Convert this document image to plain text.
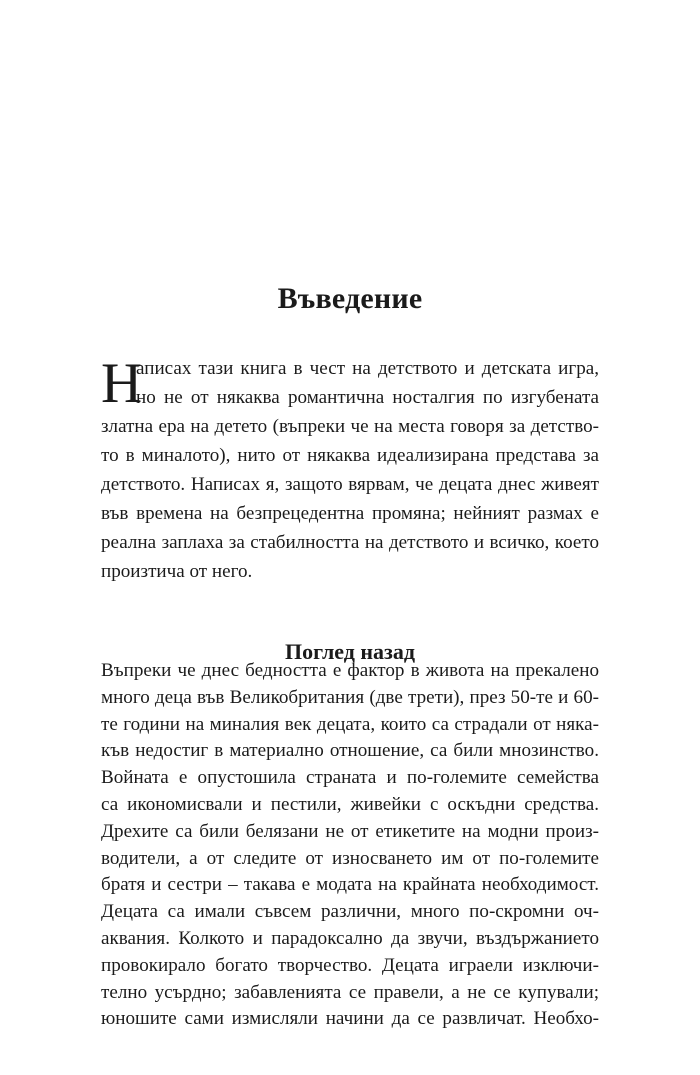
Въведение
Н
аписах тази книга в чест на детството и детската игра,
но не от някаква романтична носталгия по изгубената
златна ера на детето (въпреки че на места говоря за детство-
то в миналото), нито от някаква идеализирана представа за
детството. Написах я, защото вярвам, че децата днес живеят
във времена на безпрецедентна промяна; нейният размах е
реална заплаха за стабилността на детството и всичко, което
произтича от него.
Поглед назад
Въпреки че днес бедността е фактор в живота на прекалено
много деца във Великобритания (две трети), през 50-те и 60-
те години на миналия век децата, които са страдали от няка-
къв недостиг в материално отношение, са били мнозинство.
Войната е опустошила страната и по-големите семейства
са икономисвали и пестили, живейки с оскъдни средства.
Дрехите са били белязани не от етикетите на модни произ-
водители, а от следите от износването им от по-големите
братя и сестри – такава е модата на крайната необходимост.
Децата са имали съвсем различни, много по-скромни оч-
аквания. Колкото и парадоксално да звучи, въздържанието
провокирало богато творчество. Децата играели изключи-
телно усърдно; забавленията се правели, а не се купували;
юношите сами измисляли начини да се развличат. Необхо-
